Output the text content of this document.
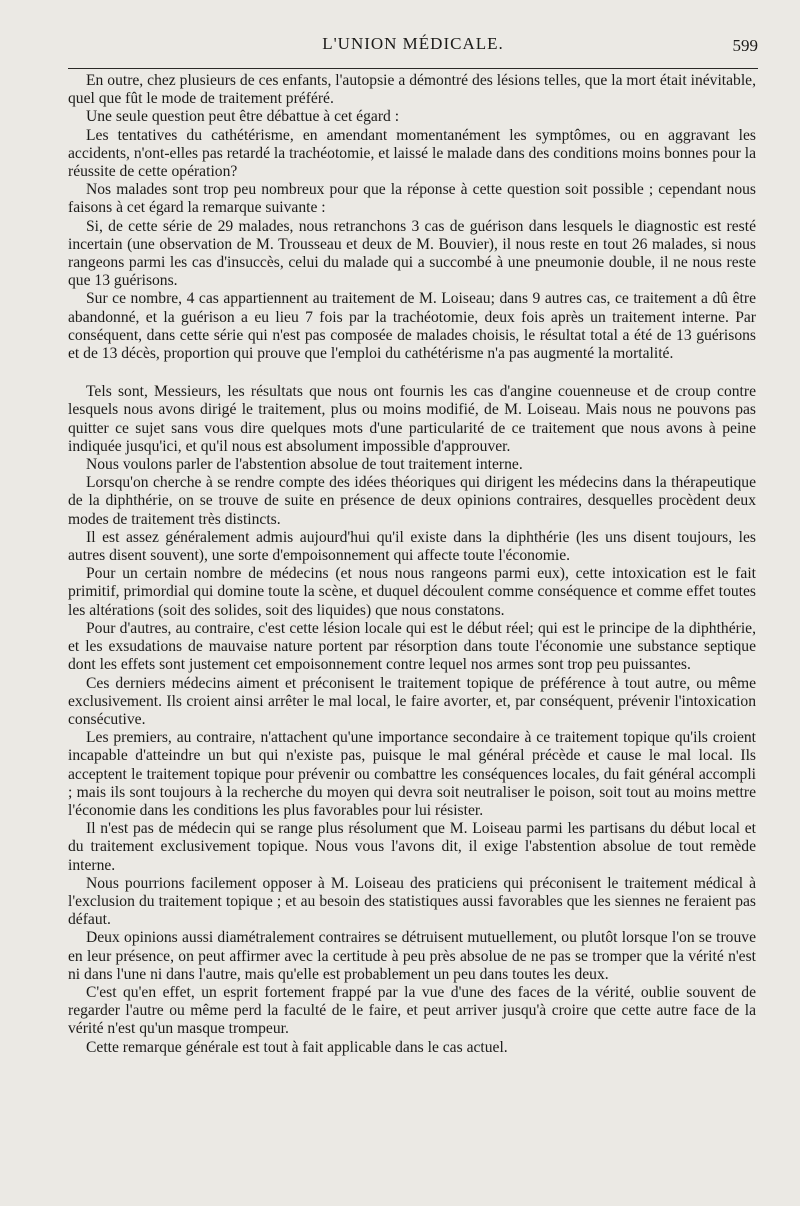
L'UNION MÉDICALE.	599

En outre, chez plusieurs de ces enfants, l'autopsie a démontré des lésions telles, que la mort était inévitable, quel que fût le mode de traitement préféré.

Une seule question peut être débattue à cet égard :

Les tentatives du cathétérisme, en amendant momentanément les symptômes, ou en aggravant les accidents, n'ont-elles pas retardé la trachéotomie, et laissé le malade dans des conditions moins bonnes pour la réussite de cette opération?

Nos malades sont trop peu nombreux pour que la réponse à cette question soit possible ; cependant nous faisons à cet égard la remarque suivante :

Si, de cette série de 29 malades, nous retranchons 3 cas de guérison dans lesquels le diagnostic est resté incertain (une observation de M. Trousseau et deux de M. Bouvier), il nous reste en tout 26 malades, si nous rangeons parmi les cas d'insuccès, celui du malade qui a succombé à une pneumonie double, il ne nous reste que 13 guérisons.

Sur ce nombre, 4 cas appartiennent au traitement de M. Loiseau; dans 9 autres cas, ce traitement a dû être abandonné, et la guérison a eu lieu 7 fois par la trachéotomie, deux fois après un traitement interne. Par conséquent, dans cette série qui n'est pas composée de malades choisis, le résultat total a été de 13 guérisons et de 13 décès, proportion qui prouve que l'emploi du cathétérisme n'a pas augmenté la mortalité.

Tels sont, Messieurs, les résultats que nous ont fournis les cas d'angine couenneuse et de croup contre lesquels nous avons dirigé le traitement, plus ou moins modifié, de M. Loiseau. Mais nous ne pouvons pas quitter ce sujet sans vous dire quelques mots d'une particularité de ce traitement que nous avons à peine indiquée jusqu'ici, et qu'il nous est absolument impossible d'approuver.

Nous voulons parler de l'abstention absolue de tout traitement interne.

Lorsqu'on cherche à se rendre compte des idées théoriques qui dirigent les médecins dans la thérapeutique de la diphthérie, on se trouve de suite en présence de deux opinions contraires, desquelles procèdent deux modes de traitement très distincts.

Il est assez généralement admis aujourd'hui qu'il existe dans la diphthérie (les uns disent toujours, les autres disent souvent), une sorte d'empoisonnement qui affecte toute l'économie.

Pour un certain nombre de médecins (et nous nous rangeons parmi eux), cette intoxication est le fait primitif, primordial qui domine toute la scène, et duquel découlent comme conséquence et comme effet toutes les altérations (soit des solides, soit des liquides) que nous constatons.

Pour d'autres, au contraire, c'est cette lésion locale qui est le début réel; qui est le principe de la diphthérie, et les exsudations de mauvaise nature portent par résorption dans toute l'économie une substance septique dont les effets sont justement cet empoisonnement contre lequel nos armes sont trop peu puissantes.

Ces derniers médecins aiment et préconisent le traitement topique de préférence à tout autre, ou même exclusivement. Ils croient ainsi arrêter le mal local, le faire avorter, et, par conséquent, prévenir l'intoxication consécutive.

Les premiers, au contraire, n'attachent qu'une importance secondaire à ce traitement topique qu'ils croient incapable d'atteindre un but qui n'existe pas, puisque le mal général précède et cause le mal local. Ils acceptent le traitement topique pour prévenir ou combattre les conséquences locales, du fait général accompli ; mais ils sont toujours à la recherche du moyen qui devra soit neutraliser le poison, soit tout au moins mettre l'économie dans les conditions les plus favorables pour lui résister.

Il n'est pas de médecin qui se range plus résolument que M. Loiseau parmi les partisans du début local et du traitement exclusivement topique. Nous vous l'avons dit, il exige l'abstention absolue de tout remède interne.

Nous pourrions facilement opposer à M. Loiseau des praticiens qui préconisent le traitement médical à l'exclusion du traitement topique ; et au besoin des statistiques aussi favorables que les siennes ne feraient pas défaut.

Deux opinions aussi diamétralement contraires se détruisent mutuellement, ou plutôt lorsque l'on se trouve en leur présence, on peut affirmer avec la certitude à peu près absolue de ne pas se tromper que la vérité n'est ni dans l'une ni dans l'autre, mais qu'elle est probablement un peu dans toutes les deux.

C'est qu'en effet, un esprit fortement frappé par la vue d'une des faces de la vérité, oublie souvent de regarder l'autre ou même perd la faculté de le faire, et peut arriver jusqu'à croire que cette autre face de la vérité n'est qu'un masque trompeur.

Cette remarque générale est tout à fait applicable dans le cas actuel.
